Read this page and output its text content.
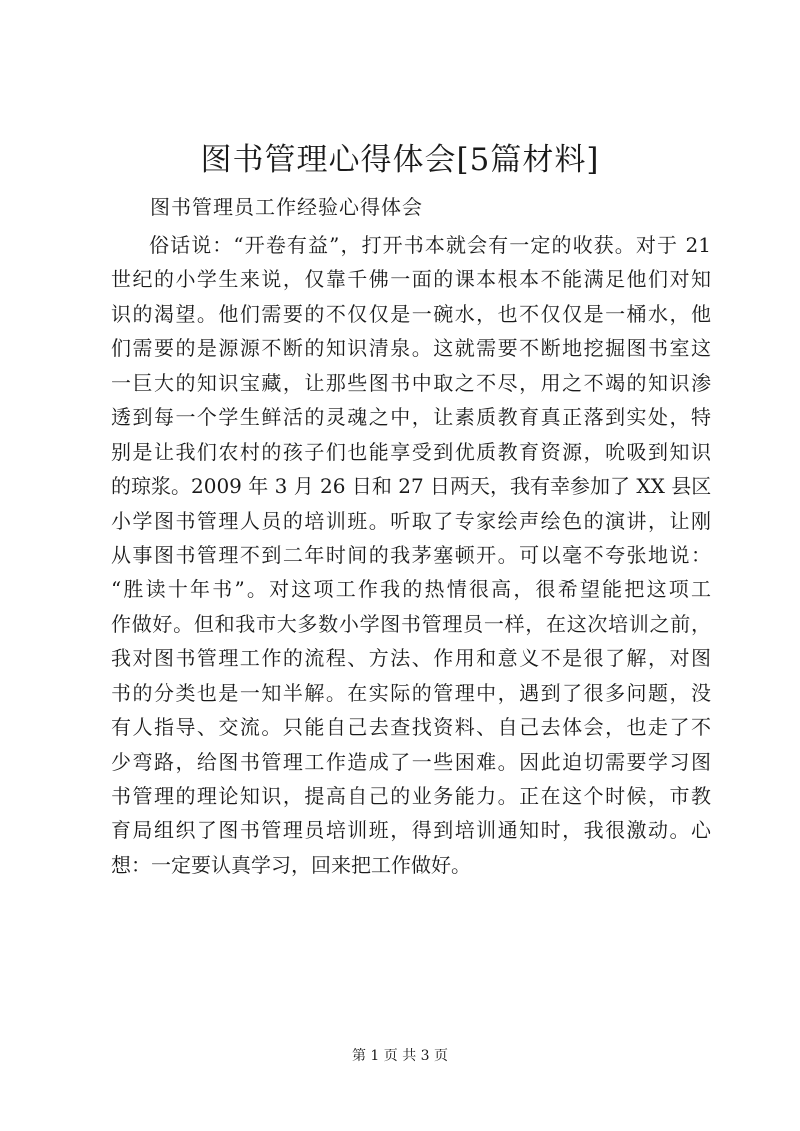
图书管理心得体会[5篇材料]
图书管理员工作经验心得体会
俗话说：“开卷有益”，打开书本就会有一定的收获。对于 21
世纪的小学生来说，仅靠千佛一面的课本根本不能满足他们对知
识的渴望。他们需要的不仅仅是一碗水，也不仅仅是一桶水，他
们需要的是源源不断的知识清泉。这就需要不断地挖掘图书室这
一巨大的知识宝藏，让那些图书中取之不尽，用之不竭的知识渗
透到每一个学生鲜活的灵魂之中，让素质教育真正落到实处，特
别是让我们农村的孩子们也能享受到优质教育资源，吮吸到知识
的琼浆。2009 年 3 月 26 日和 27 日两天，我有幸参加了 XX 县区
小学图书管理人员的培训班。听取了专家绘声绘色的演讲，让刚
从事图书管理不到二年时间的我茅塞顿开。可以毫不夸张地说：
“胜读十年书”。对这项工作我的热情很高，很希望能把这项工
作做好。但和我市大多数小学图书管理员一样，在这次培训之前，
我对图书管理工作的流程、方法、作用和意义不是很了解，对图
书的分类也是一知半解。在实际的管理中，遇到了很多问题，没
有人指导、交流。只能自己去查找资料、自己去体会，也走了不
少弯路，给图书管理工作造成了一些困难。因此迫切需要学习图
书管理的理论知识，提高自己的业务能力。正在这个时候，市教
育局组织了图书管理员培训班，得到培训通知时，我很激动。心
想：一定要认真学习，回来把工作做好。
第 1 页 共 3 页
